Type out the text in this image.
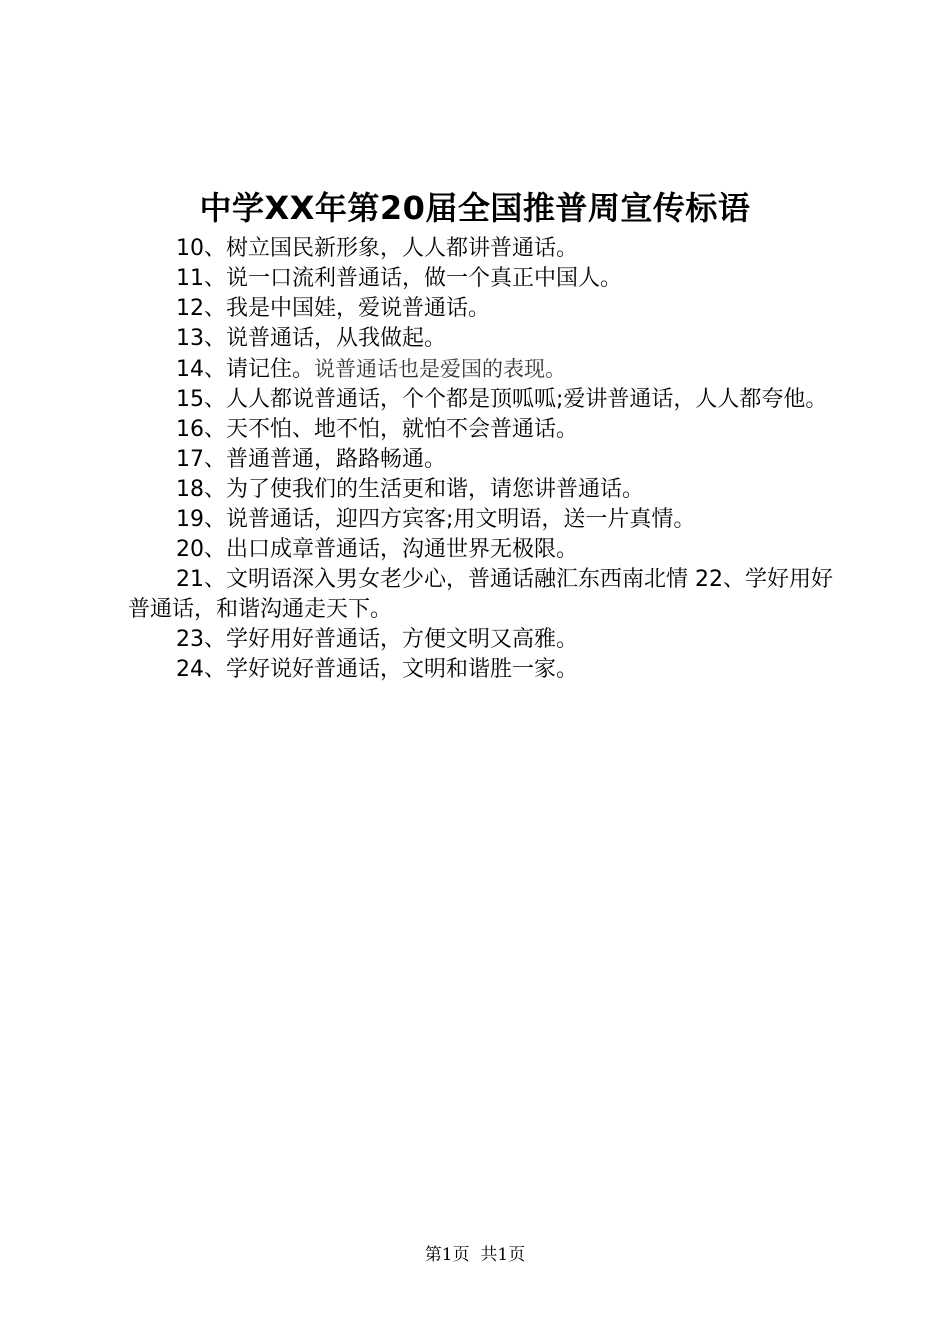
中学XX年第20届全国推普周宣传标语

10、树立国民新形象，人人都讲普通话。

11、说一口流利普通话，做一个真正中国人。

12、我是中国娃，爱说普通话。

13、说普通话，从我做起。

14、请记住。说普通话也是爱国的表现。

15、人人都说普通话，个个都是顶呱呱;爱讲普通话，人人都夸他。

16、天不怕、地不怕，就怕不会普通话。

17、普通普通，路路畅通。

18、为了使我们的生活更和谐，请您讲普通话。

19、说普通话，迎四方宾客;用文明语，送一片真情。

20、出口成章普通话，沟通世界无极限。

21、文明语深入男女老少心，普通话融汇东西南北情 22、学好用好普通话，和谐沟通走天下。

23、学好用好普通话，方便文明又高雅。

24、学好说好普通话，文明和谐胜一家。

第1页  共1页
